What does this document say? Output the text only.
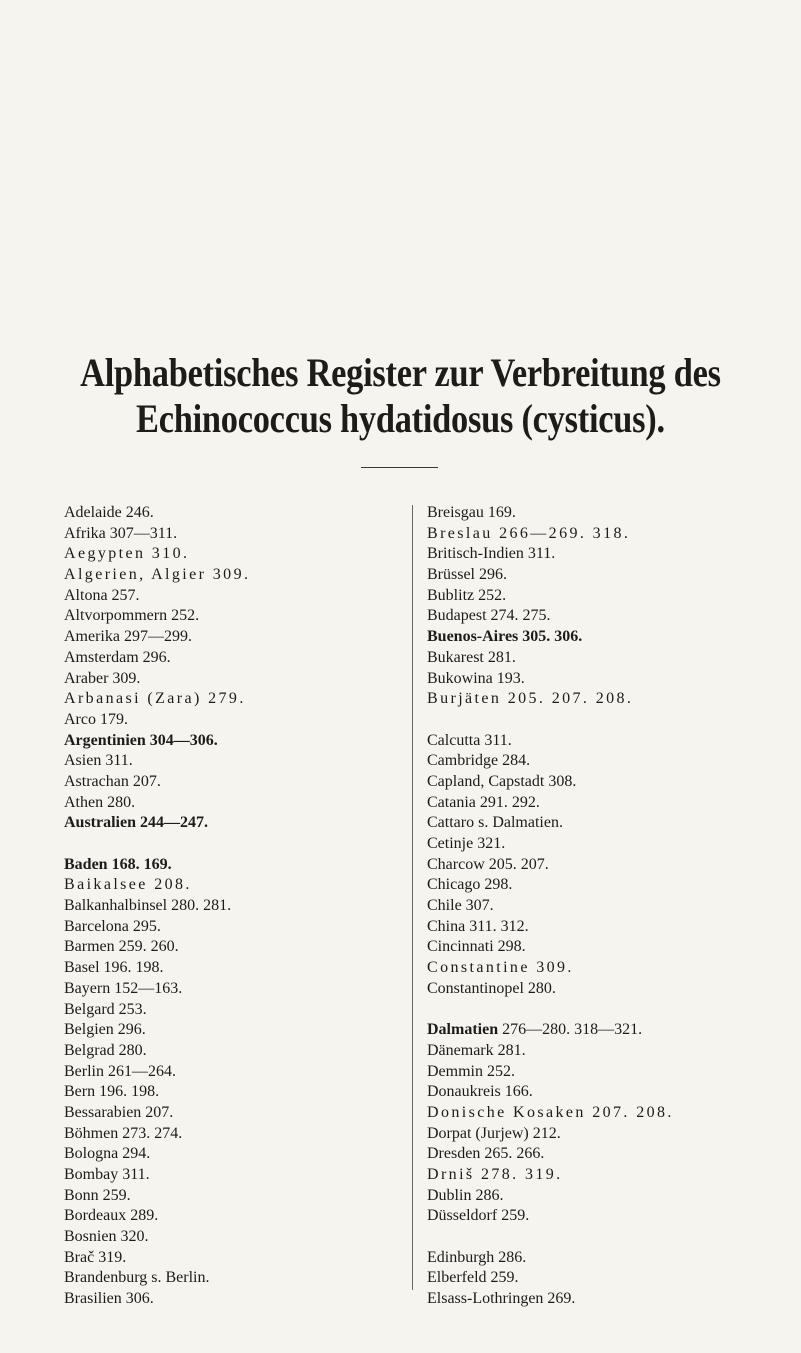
Alphabetisches Register zur Verbreitung des
Echinococcus hydatidosus (cysticus).
Adelaide 246.
Afrika 307—311.
Aegypten 310.
Algerien, Algier 309.
Altona 257.
Altvorpommern 252.
Amerika 297—299.
Amsterdam 296.
Araber 309.
Arbanasi (Zara) 279.
Arco 179.
Argentinien 304—306.
Asien 311.
Astrachan 207.
Athen 280.
Australien 244—247.
Baden 168. 169.
Baikalsee 208.
Balkanhalbinsel 280. 281.
Barcelona 295.
Barmen 259. 260.
Basel 196. 198.
Bayern 152—163.
Belgard 253.
Belgien 296.
Belgrad 280.
Berlin 261—264.
Bern 196. 198.
Bessarabien 207.
Böhmen 273. 274.
Bologna 294.
Bombay 311.
Bonn 259.
Bordeaux 289.
Bosnien 320.
Brač 319.
Brandenburg s. Berlin.
Brasilien 306.
Breisgau 169.
Breslau 266—269. 318.
Britisch-Indien 311.
Brüssel 296.
Bublitz 252.
Budapest 274. 275.
Buenos-Aires 305. 306.
Bukarest 281.
Bukowina 193.
Burjäten 205. 207. 208.
Calcutta 311.
Cambridge 284.
Capland, Capstadt 308.
Catania 291. 292.
Cattaro s. Dalmatien.
Cetinje 321.
Charcow 205. 207.
Chicago 298.
Chile 307.
China 311. 312.
Cincinnati 298.
Constantine 309.
Constantinopel 280.
Dalmatien 276—280. 318—321.
Dänemark 281.
Demmin 252.
Donaukreis 166.
Donische Kosaken 207. 208.
Dorpat (Jurjew) 212.
Dresden 265. 266.
Drniš 278. 319.
Dublin 286.
Düsseldorf 259.
Edinburgh 286.
Elberfeld 259.
Elsass-Lothringen 269.
